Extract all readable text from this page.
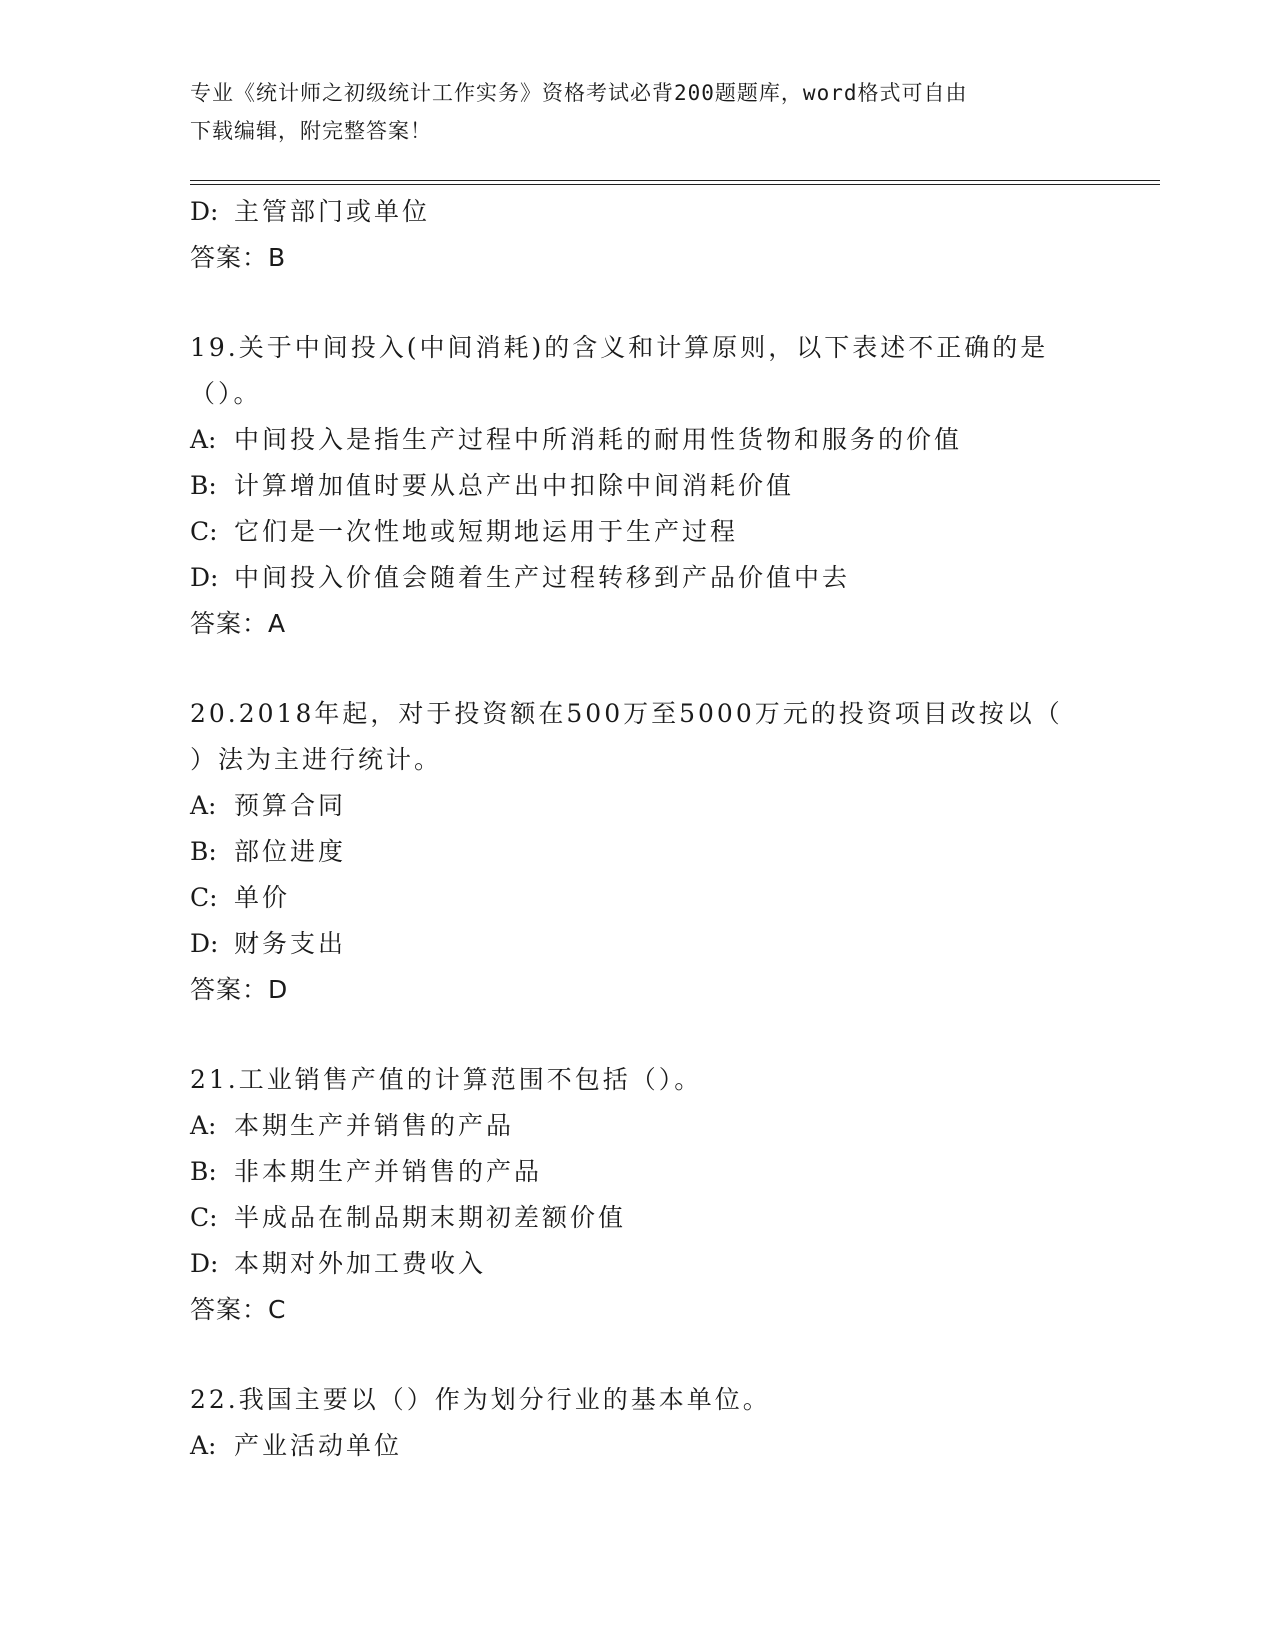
专业《统计师之初级统计工作实务》资格考试必背200题题库，word格式可自由
下载编辑，附完整答案！
D: 主管部门或单位
答案：B
19.关于中间投入(中间消耗)的含义和计算原则，以下表述不正确的是
（）。
A: 中间投入是指生产过程中所消耗的耐用性货物和服务的价值
B: 计算增加值时要从总产出中扣除中间消耗价值
C: 它们是一次性地或短期地运用于生产过程
D: 中间投入价值会随着生产过程转移到产品价值中去
答案：A
20.2018年起，对于投资额在500万至5000万元的投资项目改按以（
）法为主进行统计。
A: 预算合同
B: 部位进度
C: 单价
D: 财务支出
答案：D
21.工业销售产值的计算范围不包括（）。
A: 本期生产并销售的产品
B: 非本期生产并销售的产品
C: 半成品在制品期末期初差额价值
D: 本期对外加工费收入
答案：C
22.我国主要以（）作为划分行业的基本单位。
A: 产业活动单位
